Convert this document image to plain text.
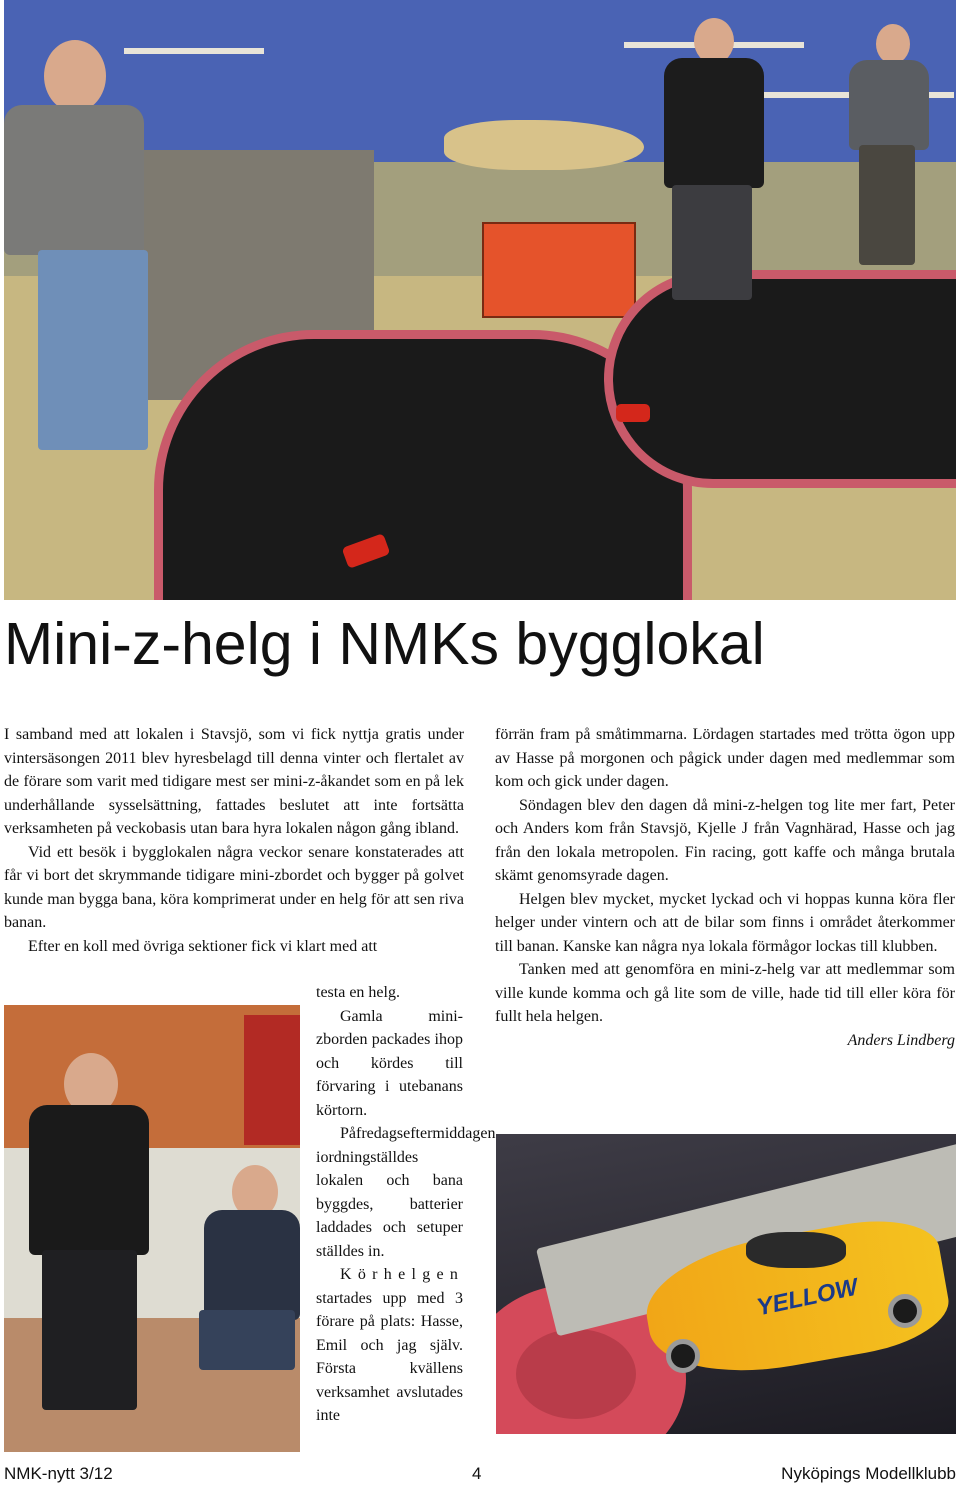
Mini-z-helg i NMKs bygglokal

I samband med att lokalen i Stavsjö, som vi fick nyttja gratis under vintersäsongen 2011 blev hyresbelagd till denna vinter och flertalet av de förare som varit med tidigare mest ser mini-z-åkandet som en på lek underhållande sysselsättning, fattades beslutet att inte fortsätta verksamheten på veckobasis utan bara hyra lokalen någon gång ibland.

Vid ett besök i bygglokalen några veckor senare konstaterades att får vi bort det skrymmande tidigare mini-zbordet och bygger på golvet kunde man bygga bana, köra komprimerat under en helg för att sen riva banan.

Efter en koll med övriga sektioner fick vi klart med att

testa en helg.

Gamla mini-zborden packades ihop och kördes till förvaring i utebanans körtorn.

Påfredagseftermiddagen iordningställdes lokalen och bana byggdes, batterier laddades och setuper ställdes in.

Körhelgen startades upp med 3 förare på plats: Hasse, Emil och jag själv. Första kvällens verksamhet avslutades inte

förrän fram på småtimmarna. Lördagen startades med trötta ögon upp av Hasse på morgonen och pågick under dagen med medlemmar som kom och gick under dagen.

Söndagen blev den dagen då mini-z-helgen tog lite mer fart, Peter och Anders kom från Stavsjö, Kjelle J från Vagnhärad, Hasse och jag från den lokala metropolen. Fin racing, gott kaffe och många brutala skämt genomsyrade dagen.

Helgen blev mycket, mycket lyckad och vi hoppas kunna köra fler helger under vintern och att de bilar som finns i området återkommer till banan. Kanske kan några nya lokala förmågor lockas till klubben.

Tanken med att genomföra en mini-z-helg var att medlemmar som ville kunde komma och gå lite som de ville, hade tid till eller köra för fullt hela helgen.

Anders Lindberg

YELLOW
NMK-nytt 3/12	4	Nyköpings Modellklubb
